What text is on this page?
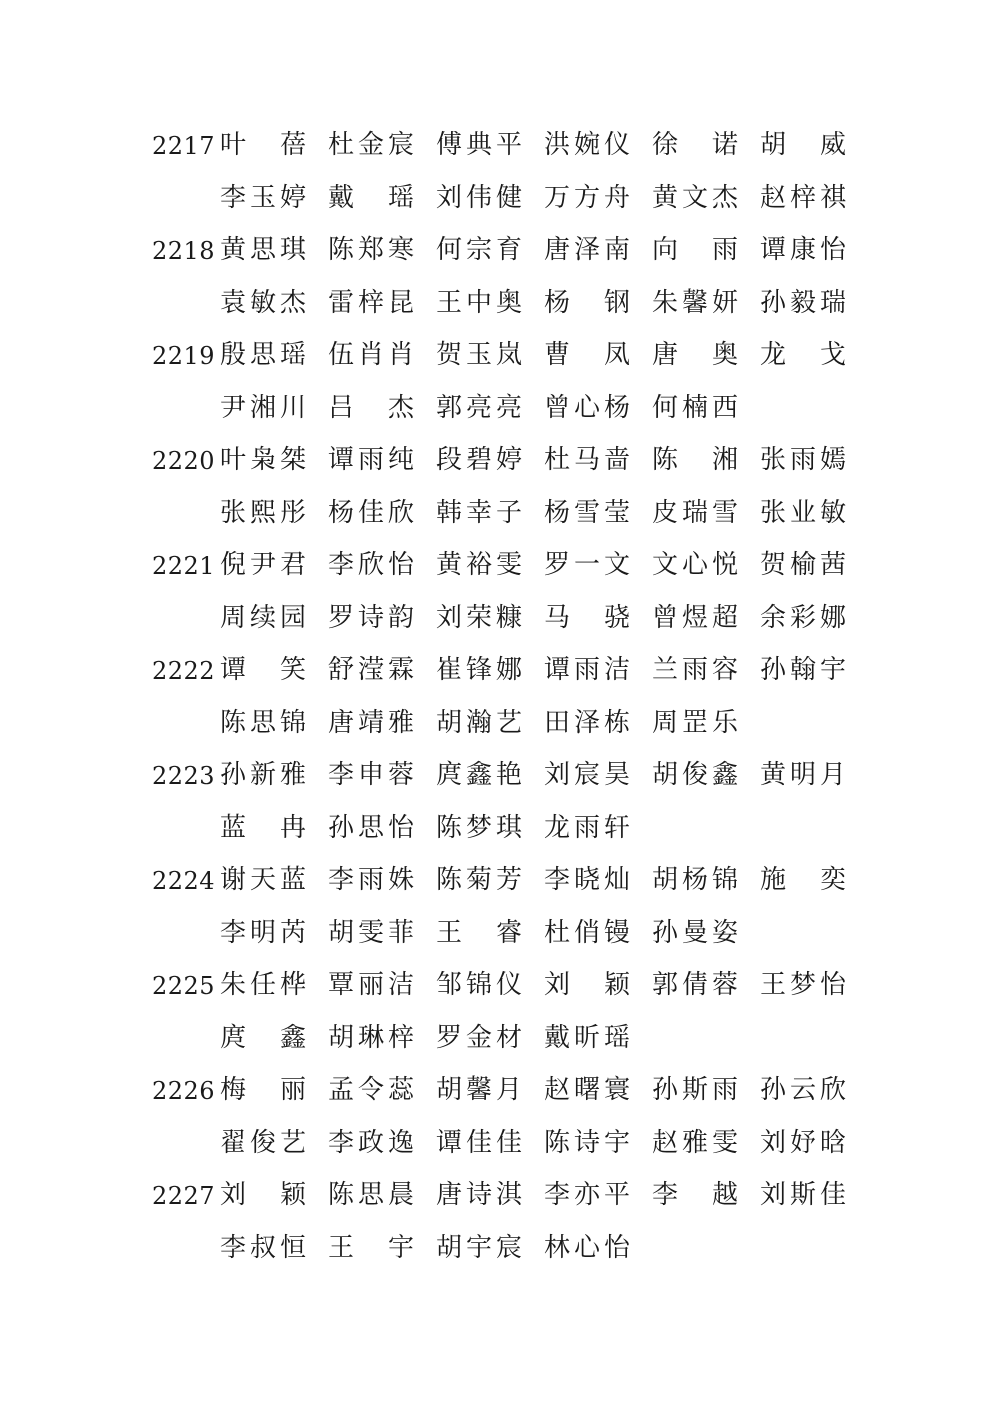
2217 叶 蓓 杜 金 宸 傅 典 平 洪 婉 仪 徐 诺 胡 威
李 玉 婷 戴 瑶 刘 伟 健 万 方 舟 黄 文 杰 赵 梓 祺
2218 黄 思 琪 陈 郑 寒 何 宗 育 唐 泽 南 向 雨 谭 康 怡
袁 敏 杰 雷 梓 昆 王 中 奥 杨 钢 朱 馨 妍 孙 毅 瑞
2219 殷 思 瑶 伍 肖 肖 贺 玉 岚 曹 凤 唐 奥 龙 戈
尹 湘 川 吕 杰 郭 亮 亮 曾 心 杨 何 楠 西
2220 叶 枭 桀 谭 雨 纯 段 碧 婷 杜 马 啬 陈 湘 张 雨 嫣
张 熙 彤 杨 佳 欣 韩 幸 子 杨 雪 莹 皮 瑞 雪 张 业 敏
2221 倪 尹 君 李 欣 怡 黄 裕 雯 罗 一 文 文 心 悦 贺 榆 茜
周 续 园 罗 诗 韵 刘 荣 糠 马 骁 曾 煜 超 余 彩 娜
2222 谭 笑 舒 滢 霖 崔 锋 娜 谭 雨 洁 兰 雨 容 孙 翰 宇
陈 思 锦 唐 靖 雅 胡 瀚 艺 田 泽 栋 周 罡 乐
2223 孙 新 雅 李 申 蓉 庹 鑫 艳 刘 宸 昊 胡 俊 鑫 黄 明 月
蓝 冉 孙 思 怡 陈 梦 琪 龙 雨 轩
2224 谢 天 蓝 李 雨 姝 陈 菊 芳 李 晓 灿 胡 杨 锦 施 奕
李 明 芮 胡 雯 菲 王 睿 杜 俏 镘 孙 曼 姿
2225 朱 任 桦 覃 丽 洁 邹 锦 仪 刘 颖 郭 倩 蓉 王 梦 怡
庹 鑫 胡 琳 梓 罗 金 材 戴 昕 瑶
2226 梅 丽 孟 令 蕊 胡 馨 月 赵 曙 寰 孙 斯 雨 孙 云 欣
翟 俊 艺 李 政 逸 谭 佳 佳 陈 诗 宇 赵 雅 雯 刘 妤 晗
2227 刘 颖 陈 思 晨 唐 诗 淇 李 亦 平 李 越 刘 斯 佳
李 叔 恒 王 宇 胡 宇 宸 林 心 怡
